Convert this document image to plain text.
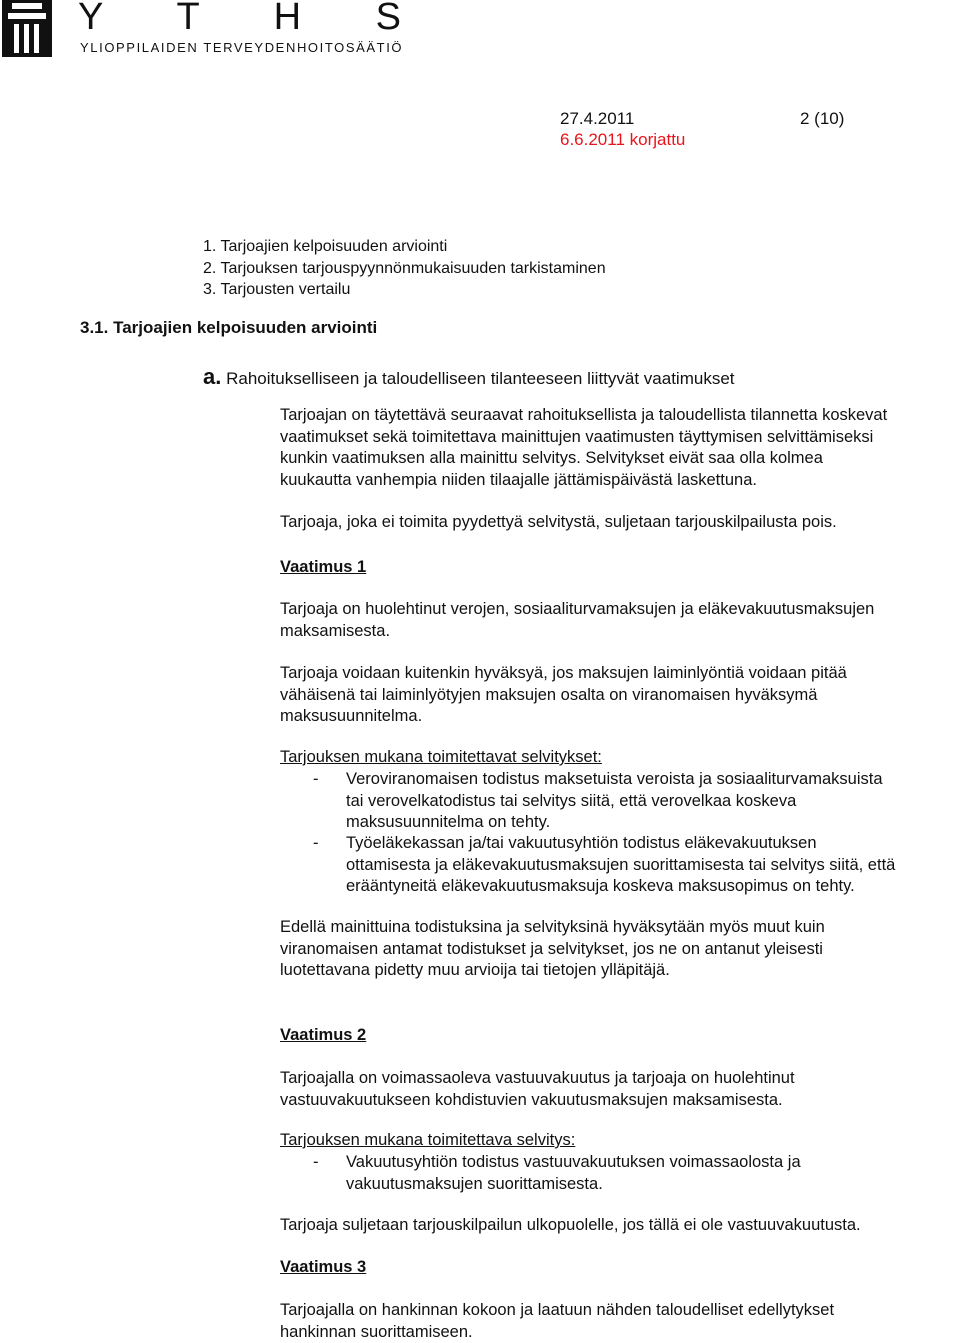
Y T H S
YLIOPPILAIDEN TERVEYDENHOITOSÄÄTIÖ
27.4.2011	2 (10)
6.6.2011 korjattu
1. Tarjoajien kelpoisuuden arviointi
2. Tarjouksen tarjouspyynnönmukaisuuden tarkistaminen
3. Tarjousten vertailu
3.1. Tarjoajien kelpoisuuden arviointi
a. Rahoitukselliseen ja taloudelliseen tilanteeseen liittyvät vaatimukset

Tarjoajan on täytettävä seuraavat rahoituksellista ja taloudellista tilannetta koskevat

vaatimukset sekä toimitettava mainittujen vaatimusten täyttymisen selvittämiseksi

kunkin vaatimuksen alla mainittu selvitys. Selvitykset eivät saa olla kolmea

kuukautta vanhempia niiden tilaajalle jättämispäivästä laskettuna.

Tarjoaja, joka ei toimita pyydettyä selvitystä, suljetaan tarjouskilpailusta pois.

Vaatimus 1

Tarjoaja on huolehtinut verojen, sosiaaliturvamaksujen ja eläkevakuutusmaksujen

maksamisesta.

Tarjoaja voidaan kuitenkin hyväksyä, jos maksujen laiminlyöntiä voidaan pitää

vähäisenä tai laiminlyötyjen maksujen osalta on viranomaisen hyväksymä

maksusuunnitelma.

Tarjouksen mukana toimitettavat selvitykset:
- Veroviranomaisen todistus maksetuista veroista ja sosiaaliturvamaksuista

tai verovelkatodistus tai selvitys siitä, että verovelkaa koskeva

maksusuunnitelma on tehty.

- Työeläkekassan ja/tai vakuutusyhtiön todistus eläkevakuutuksen

ottamisesta ja eläkevakuutusmaksujen suorittamisesta tai selvitys siitä, että

erääntyneitä eläkevakuutusmaksuja koskeva maksusopimus on tehty.

Edellä mainittuina todistuksina ja selvityksinä hyväksytään myös muut kuin

viranomaisen antamat todistukset ja selvitykset, jos ne on antanut yleisesti

luotettavana pidetty muu arvioija tai tietojen ylläpitäjä.

Vaatimus 2

Tarjoajalla on voimassaoleva vastuuvakuutus ja tarjoaja on huolehtinut

vastuuvakuutukseen kohdistuvien vakuutusmaksujen maksamisesta.

Tarjouksen mukana toimitettava selvitys:
- Vakuutusyhtiön todistus vastuuvakuutuksen voimassaolosta ja

vakuutusmaksujen suorittamisesta.

Tarjoaja suljetaan tarjouskilpailun ulkopuolelle, jos tällä ei ole vastuuvakuutusta.

Vaatimus 3

Tarjoajalla on hankinnan kokoon ja laatuun nähden taloudelliset edellytykset

hankinnan suorittamiseen.
